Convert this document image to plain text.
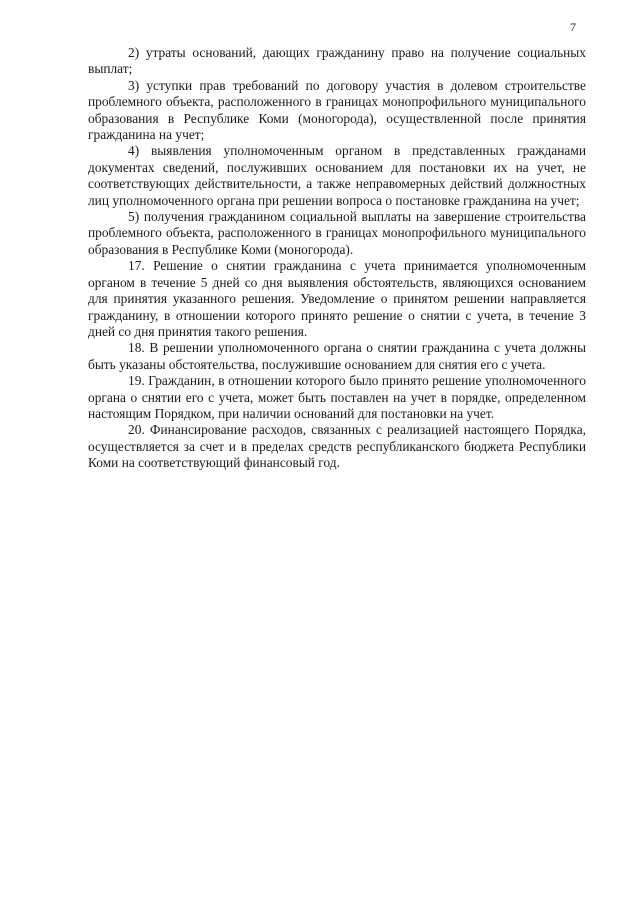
7

2) утраты оснований, дающих гражданину право на получение социальных выплат;

3) уступки прав требований по договору участия в долевом строительстве проблемного объекта, расположенного в границах монопрофильного муниципального образования в Республике Коми (моногорода), осуществленной после принятия гражданина на учет;

4) выявления уполномоченным органом в представленных гражданами документах сведений, послуживших основанием для постановки их на учет, не соответствующих действительности, а также неправомерных действий должностных лиц уполномоченного органа при решении вопроса о постановке гражданина на учет;

5) получения гражданином социальной выплаты на завершение строительства проблемного объекта, расположенного в границах монопрофильного муниципального образования в Республике Коми (моногорода).

17. Решение о снятии гражданина с учета принимается уполномоченным органом в течение 5 дней со дня выявления обстоятельств, являющихся основанием для принятия указанного решения. Уведомление о принятом решении направляется гражданину, в отношении которого принято решение о снятии с учета, в течение 3 дней со дня принятия такого решения.

18. В решении уполномоченного органа о снятии гражданина с учета должны быть указаны обстоятельства, послужившие основанием для снятия его с учета.

19. Гражданин, в отношении которого было принято решение уполномоченного органа о снятии его с учета, может быть поставлен на учет в порядке, определенном настоящим Порядком, при наличии оснований для постановки на учет.

20. Финансирование расходов, связанных с реализацией настоящего Порядка, осуществляется за счет и в пределах средств республиканского бюджета Республики Коми на соответствующий финансовый год.
